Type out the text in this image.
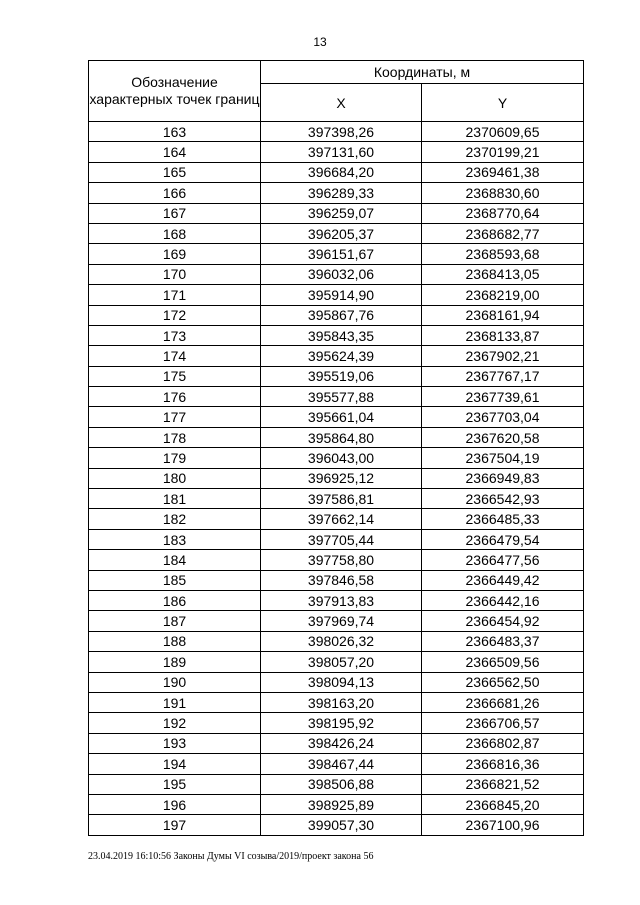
13
Обозначение характерных точек границ	Координаты, м	
	X	Y
163	397398,26	2370609,65
164	397131,60	2370199,21
165	396684,20	2369461,38
166	396289,33	2368830,60
167	396259,07	2368770,64
168	396205,37	2368682,77
169	396151,67	2368593,68
170	396032,06	2368413,05
171	395914,90	2368219,00
172	395867,76	2368161,94
173	395843,35	2368133,87
174	395624,39	2367902,21
175	395519,06	2367767,17
176	395577,88	2367739,61
177	395661,04	2367703,04
178	395864,80	2367620,58
179	396043,00	2367504,19
180	396925,12	2366949,83
181	397586,81	2366542,93
182	397662,14	2366485,33
183	397705,44	2366479,54
184	397758,80	2366477,56
185	397846,58	2366449,42
186	397913,83	2366442,16
187	397969,74	2366454,92
188	398026,32	2366483,37
189	398057,20	2366509,56
190	398094,13	2366562,50
191	398163,20	2366681,26
192	398195,92	2366706,57
193	398426,24	2366802,87
194	398467,44	2366816,36
195	398506,88	2366821,52
196	398925,89	2366845,20
197	399057,30	2367100,96
23.04.2019 16:10:56 Законы Думы VI созыва/2019/проект закона 56
